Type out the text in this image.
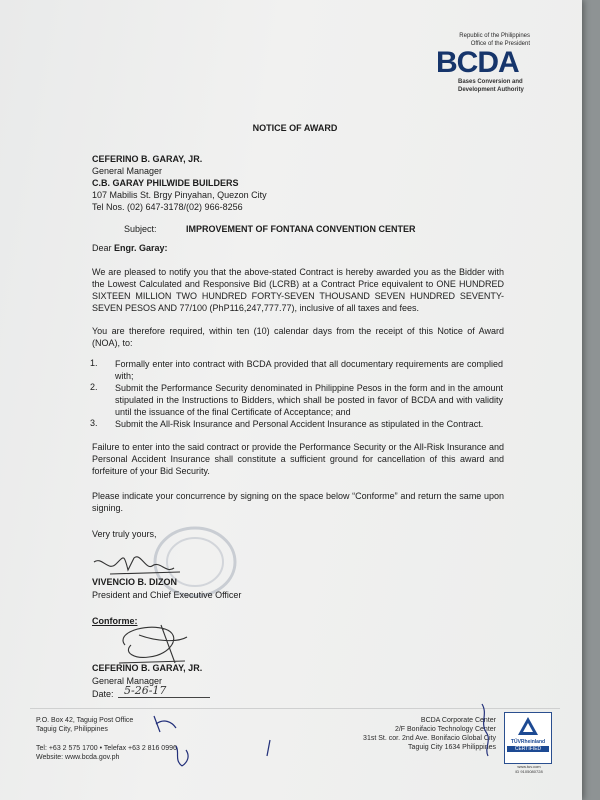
Republic of the Philippines
Office of the President
BCDA
Bases Conversion and
Development Authority
NOTICE OF AWARD
CEFERINO B. GARAY, JR.
General Manager
C.B. GARAY PHILWIDE BUILDERS
107 Mabilis St. Brgy Pinyahan, Quezon City
Tel Nos. (02) 647-3178/(02) 966-8256
Subject:	IMPROVEMENT OF FONTANA CONVENTION CENTER
Dear Engr. Garay:
We are pleased to notify you that the above-stated Contract is hereby awarded you as the Bidder with the Lowest Calculated and Responsive Bid (LCRB) at a Contract Price equivalent to ONE HUNDRED SIXTEEN MILLION TWO HUNDRED FORTY-SEVEN THOUSAND SEVEN HUNDRED SEVENTY-SEVEN PESOS AND 77/100 (PhP116,247,777.77), inclusive of all taxes and fees.
You are therefore required, within ten (10) calendar days from the receipt of this Notice of Award (NOA), to:
1. Formally enter into contract with BCDA provided that all documentary requirements are complied with;
2. Submit the Performance Security denominated in Philippine Pesos in the form and in the amount stipulated in the Instructions to Bidders, which shall be posted in favor of BCDA and with validity until the issuance of the final Certificate of Acceptance; and
3. Submit the All-Risk Insurance and Personal Accident Insurance as stipulated in the Contract.
Failure to enter into the said contract or provide the Performance Security or the All-Risk Insurance and Personal Accident Insurance shall constitute a sufficient ground for cancellation of this award and forfeiture of your Bid Security.
Please indicate your concurrence by signing on the space below “Conforme” and return the same upon signing.
Very truly yours,
VIVENCIO B. DIZON
President and Chief Executive Officer
Conforme:
CEFERINO B. GARAY, JR.
General Manager
Date: 5-26-17
P.O. Box 42, Taguig Post Office
Taguig City, Philippines
Tel: +63 2 575 1700 • Telefax +63 2 816 0996
Website: www.bcda.gov.ph
BCDA Corporate Center
2/F Bonifacio Technology Center
31st St. cor. 2nd Ave. Bonifacio Global City
Taguig City 1634 Philippines
TÜVRheinland
CERTIFIED
www.tuv.com
ID 9105080728
